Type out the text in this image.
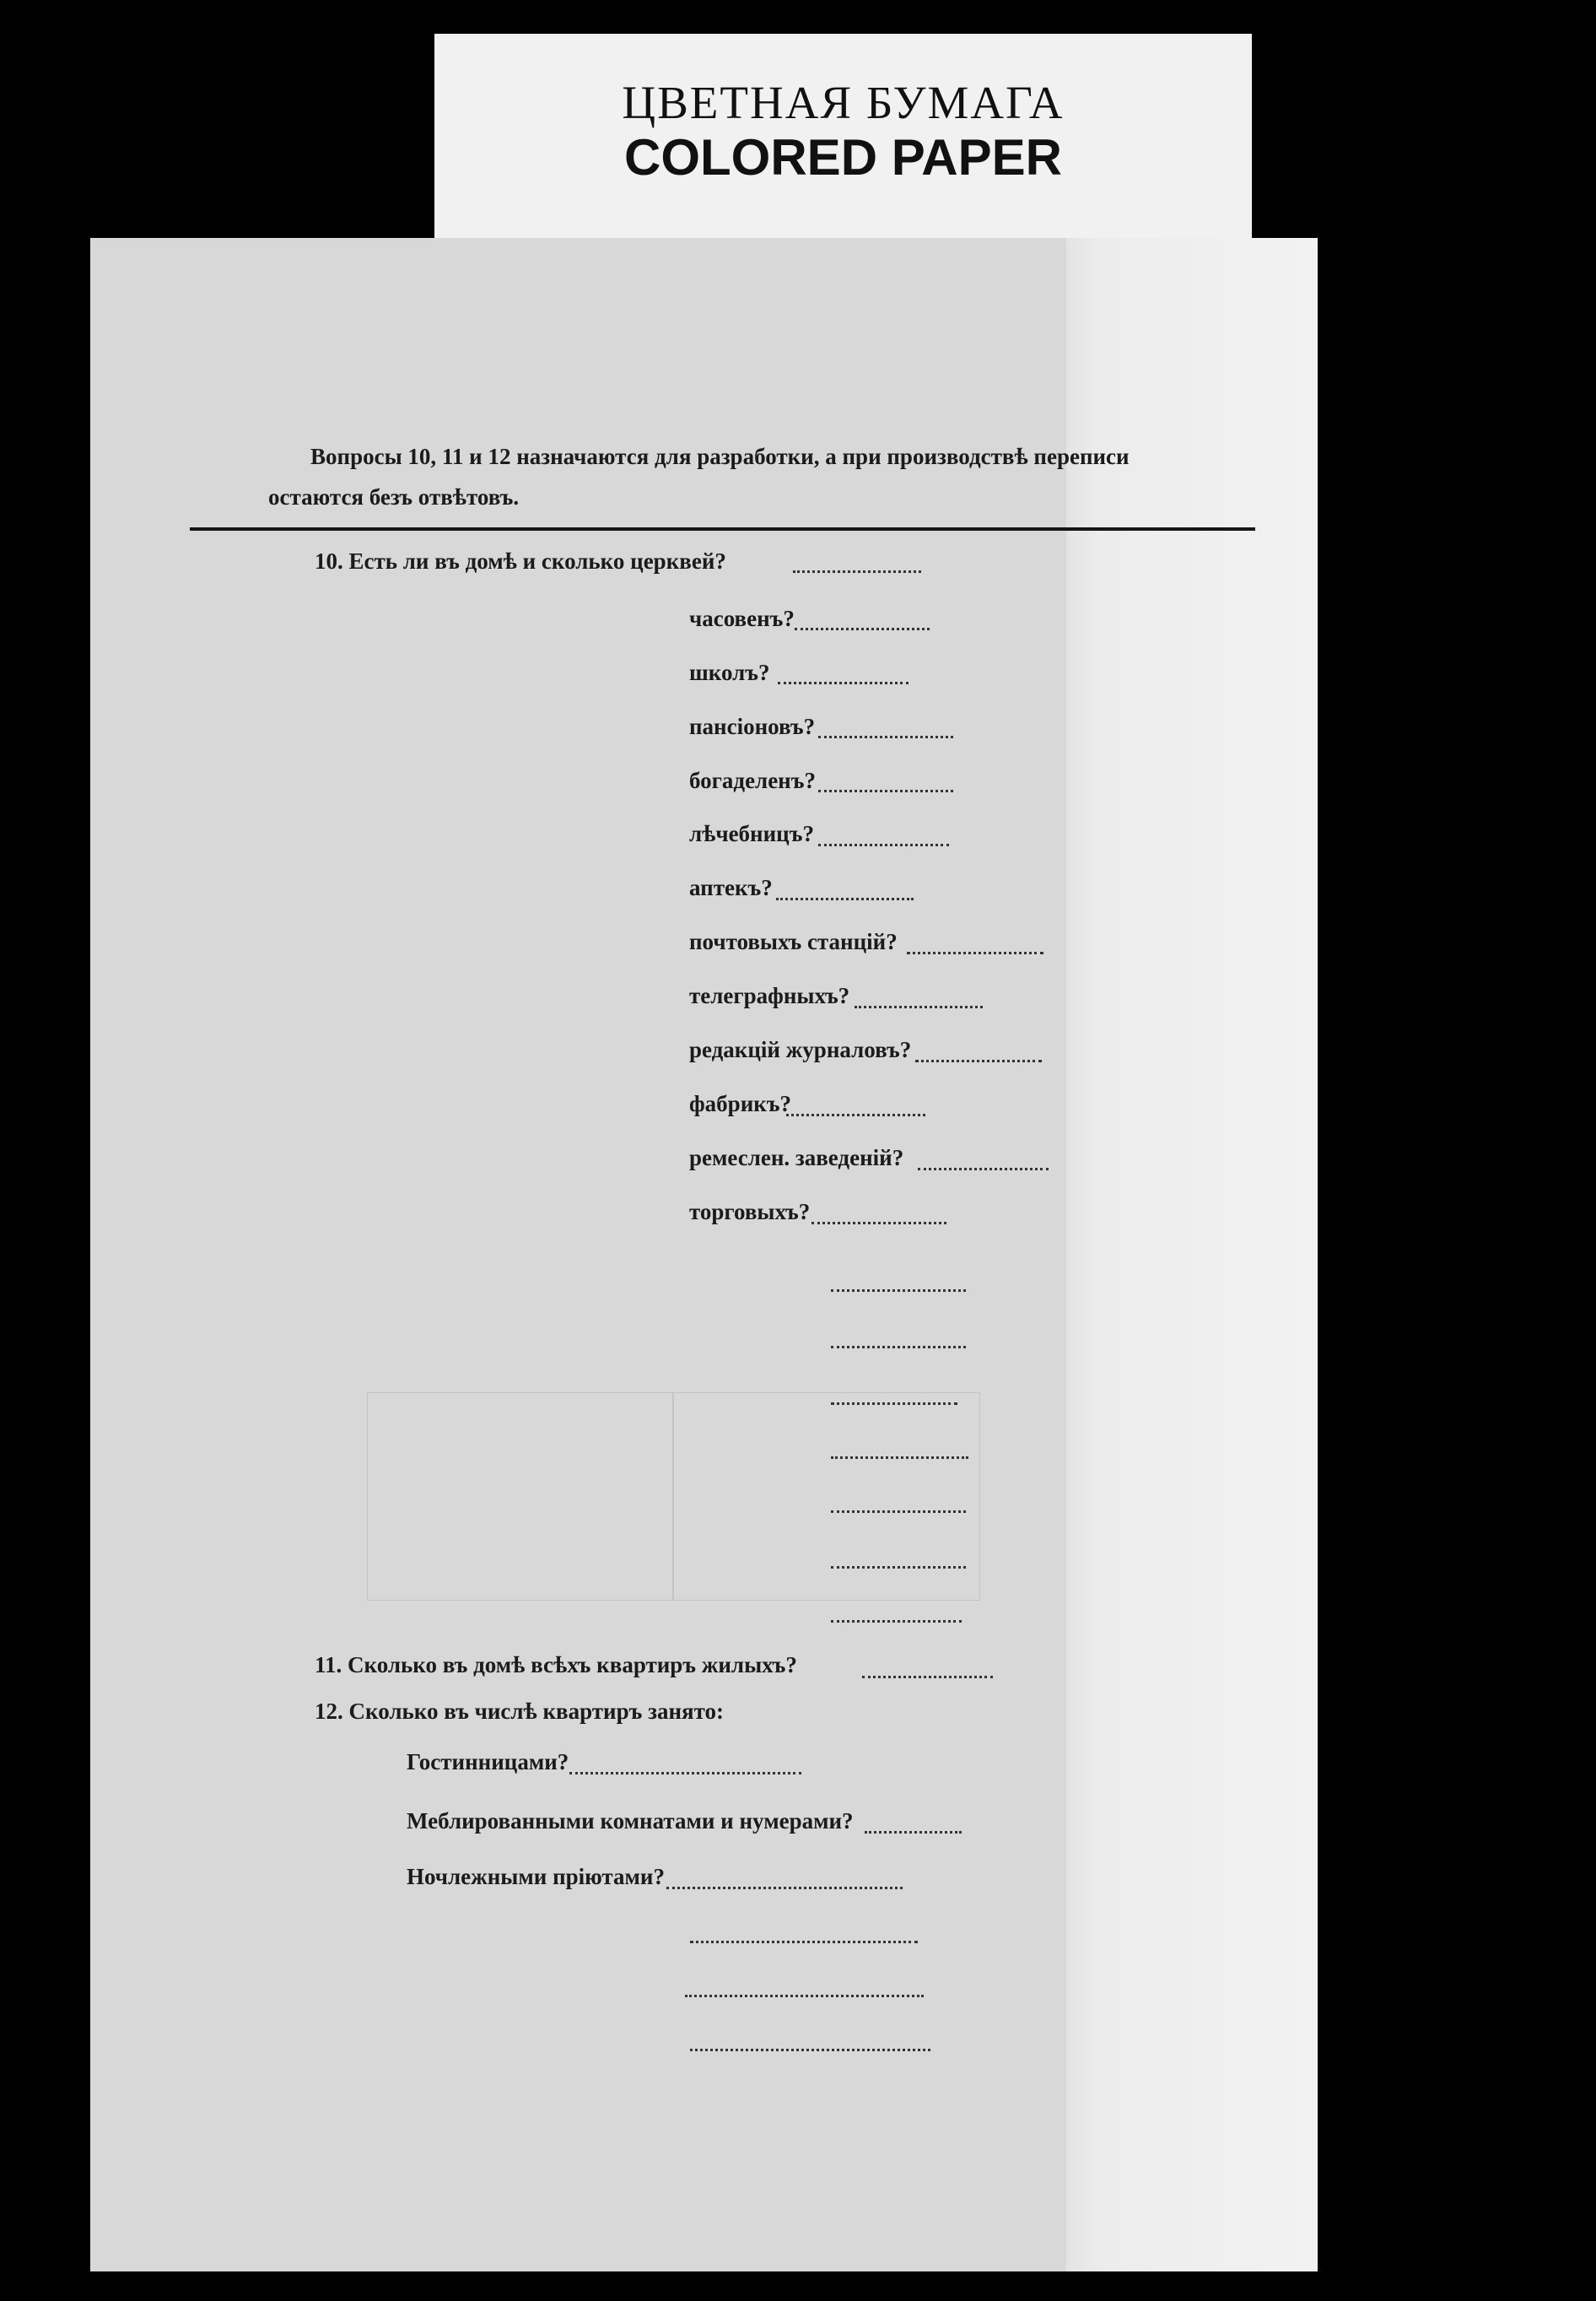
ЦВЕТНАЯ БУМАГА
COLORED PAPER
Вопросы 10, 11 и 12 назначаются для разработки, а при производствѣ переписи
остаются безъ отвѣтовъ.
10. Есть ли въ домѣ и сколько церквей?
часовенъ?
школъ?
пансіоновъ?
богаделенъ?
лѣчебницъ?
аптекъ?
почтовыхъ станцій?
телеграфныхъ?
редакцій журналовъ?
фабрикъ?
ремеслен. заведеній?
торговыхъ?
11. Сколько въ домѣ всѣхъ квартиръ жилыхъ?
12. Сколько въ числѣ квартиръ занято:
Гостинницами?
Меблированными комнатами и нумерами?
Ночлежными пріютами?
